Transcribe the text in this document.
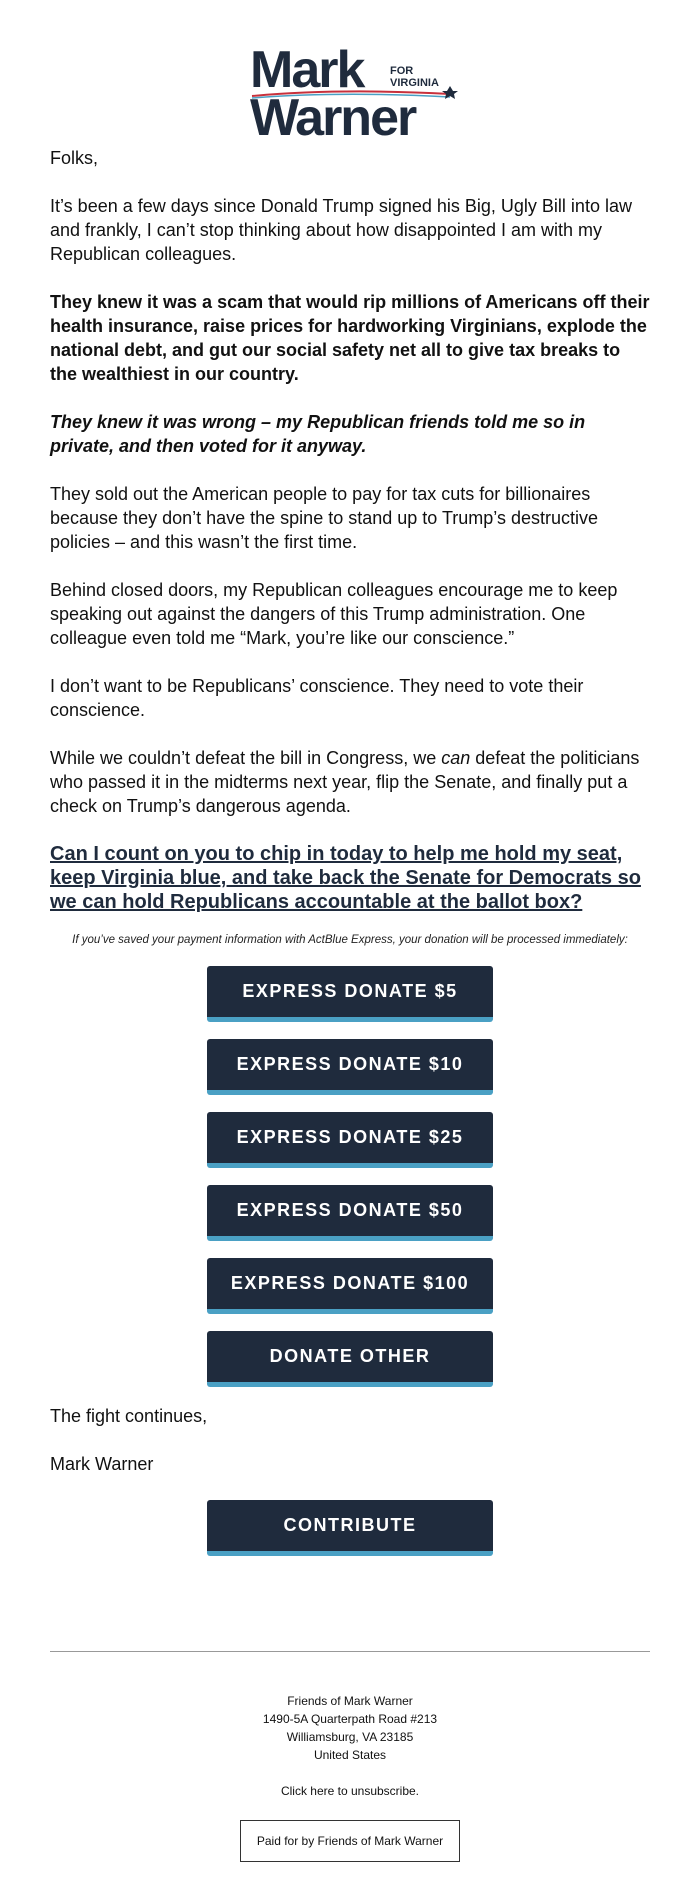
Mark FOR
VIRGINIA
Warner

Folks,

It’s been a few days since Donald Trump signed his Big, Ugly Bill into law and frankly, I can’t stop thinking about how disappointed I am with my Republican colleagues.

They knew it was a scam that would rip millions of Americans off their health insurance, raise prices for hardworking Virginians, explode the national debt, and gut our social safety net all to give tax breaks to the wealthiest in our country.

They knew it was wrong – my Republican friends told me so in private, and then voted for it anyway.

They sold out the American people to pay for tax cuts for billionaires because they don’t have the spine to stand up to Trump’s destructive policies – and this wasn’t the first time.

Behind closed doors, my Republican colleagues encourage me to keep speaking out against the dangers of this Trump administration. One colleague even told me “Mark, you’re like our conscience.”

I don’t want to be Republicans’ conscience. They need to vote their conscience.

While we couldn’t defeat the bill in Congress, we can defeat the politicians who passed it in the midterms next year, flip the Senate, and finally put a check on Trump’s dangerous agenda.

Can I count on you to chip in today to help me hold my seat, keep Virginia blue, and take back the Senate for Democrats so we can hold Republicans accountable at the ballot box?

If you’ve saved your payment information with ActBlue Express, your donation will be processed immediately:

EXPRESS DONATE $5
EXPRESS DONATE $10
EXPRESS DONATE $25
EXPRESS DONATE $50
EXPRESS DONATE $100
DONATE OTHER

The fight continues,

Mark Warner

CONTRIBUTE
Friends of Mark Warner
1490-5A Quarterpath Road #213
Williamsburg, VA 23185
United States
Click here to unsubscribe.
Paid for by Friends of Mark Warner
